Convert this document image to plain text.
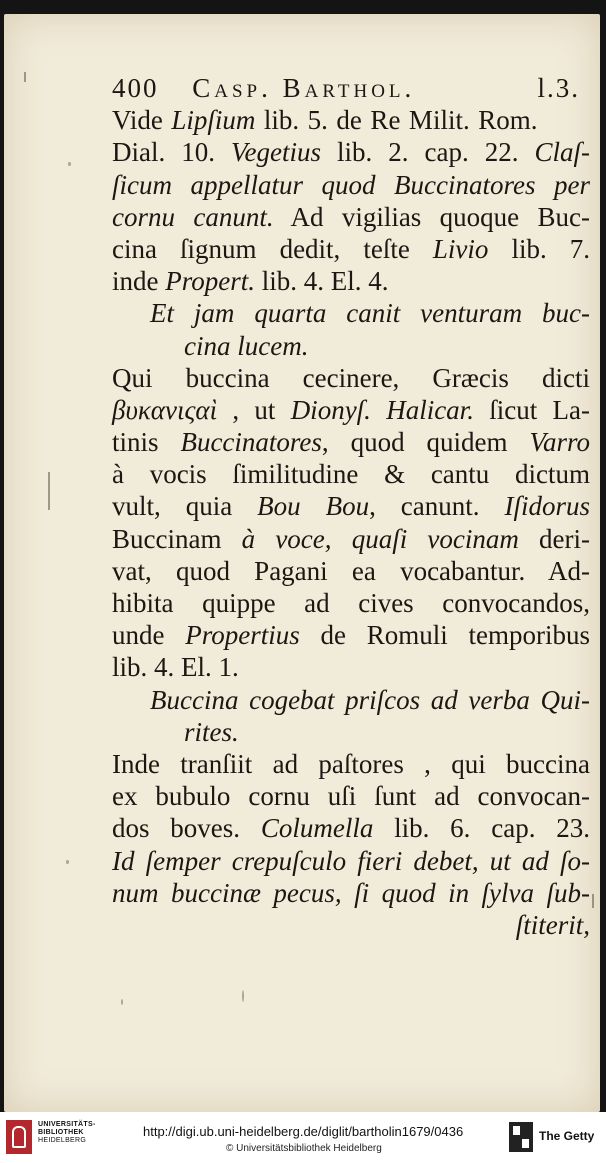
400 Casp. Barthol.	l.3.
Vide Lipſium lib. 5. de Re Milit. Rom.
Dial. 10. Vegetius lib. 2. cap. 22. Claſ-
ſicum appellatur quod Buccinatores per
cornu canunt. Ad vigilias quoque Buc-
cina ſignum dedit, teſte Livio lib. 7.
inde Propert. lib. 4. El. 4.
Et jam quarta canit venturam buc-
cina lucem.
Qui buccina cecinere, Græcis dicti
βυκανιςαὶ , ut Dionyſ. Halicar. ſicut La-
tinis Buccinatores, quod quidem Varro
à vocis ſimilitudine & cantu dictum
vult, quia Bou Bou, canunt. Iſidorus
Buccinam à voce, quaſi vocinam deri-
vat, quod Pagani ea vocabantur. Ad-
hibita quippe ad cives convocandos,
unde Propertius de Romuli temporibus
lib. 4. El. 1.
Buccina cogebat priſcos ad verba Qui-
rites.
Inde tranſiit ad paſtores , qui buccina
ex bubulo cornu uſi ſunt ad convocan-
dos boves. Columella lib. 6. cap. 23.
Id ſemper crepuſculo fieri debet, ut ad ſo-
num buccinæ pecus, ſi quod in ſylva ſub-
ſtiterit,
UNIVERSITÄTS-
BIBLIOTHEK
HEIDELBERG
http://digi.ub.uni-heidelberg.de/diglit/bartholin1679/0436
© Universitätsbibliothek Heidelberg
The Getty
